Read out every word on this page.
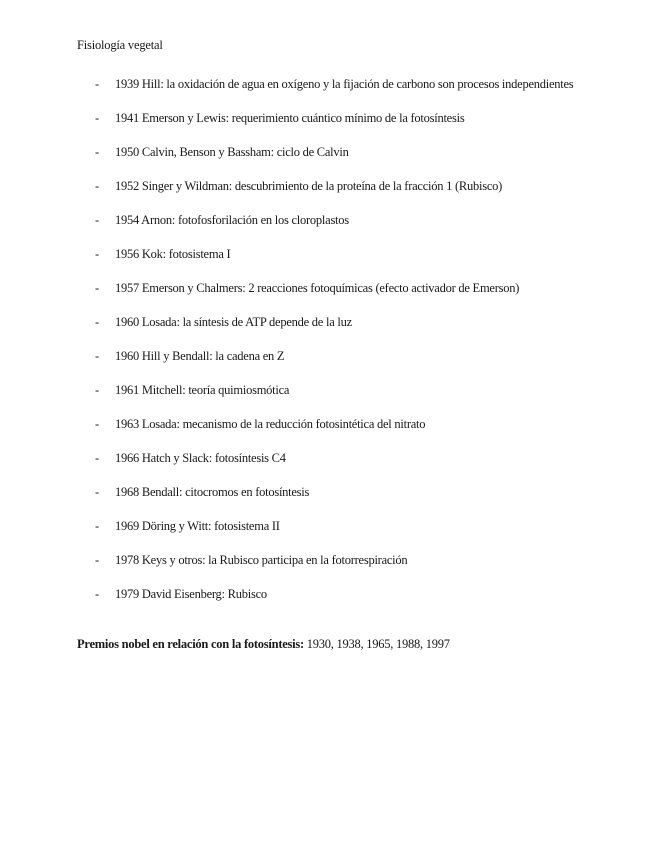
Fisiología vegetal
-	1939 Hill: la oxidación de agua en oxígeno y la fijación de carbono son procesos independientes
-	1941 Emerson y Lewis: requerimiento cuántico mínimo de la fotosíntesis
-	1950 Calvin, Benson y Bassham: ciclo de Calvin
-	1952 Singer y Wildman: descubrimiento de la proteína de la fracción 1 (Rubisco)
-	1954 Arnon: fotofosforilación en los cloroplastos
-	1956 Kok: fotosistema I
-	1957 Emerson y Chalmers: 2 reacciones fotoquímicas (efecto activador de Emerson)
-	1960 Losada: la síntesis de ATP depende de la luz
-	1960 Hill y Bendall: la cadena en Z
-	1961 Mitchell: teoría quimiosmótica
-	1963 Losada: mecanismo de la reducción fotosintética del nitrato
-	1966 Hatch y Slack: fotosíntesis C4
-	1968 Bendall: citocromos en fotosíntesis
-	1969 Döring y Witt: fotosistema II
-	1978 Keys y otros: la Rubisco participa en la fotorrespiración
-	1979 David Eisenberg: Rubisco
Premios nobel en relación con la fotosíntesis: 1930, 1938, 1965, 1988, 1997
